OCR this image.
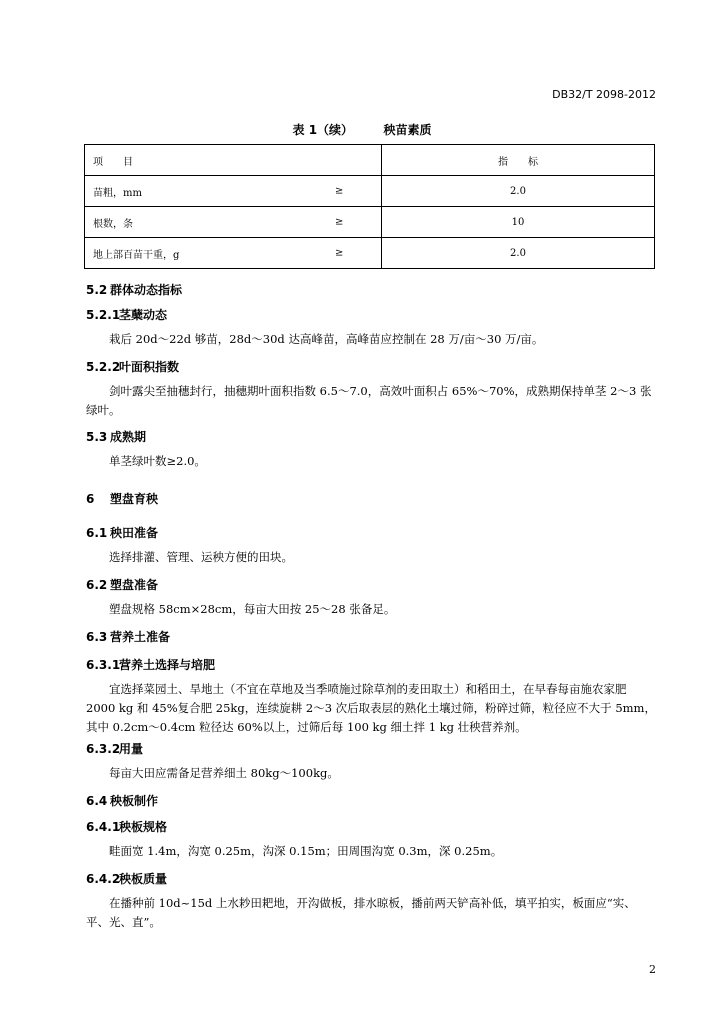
DB32/T 2098-2012
表 1（续）	秧苗素质
项　　目	指　　标
苗粗，mm ≥	2.0
根数，条 ≥	10
地上部百苗干重，g ≥	2.0
5.2 群体动态指标
5.2.1茎蘖动态
栽后 20d～22d 够苗，28d～30d 达高峰苗，高峰苗应控制在 28 万/亩～30 万/亩。
5.2.2叶面积指数
剑叶露尖至抽穗封行，抽穗期叶面积指数 6.5～7.0，高效叶面积占 65%～70%，成熟期保持单茎 2～3 张绿叶。
5.3 成熟期
单茎绿叶数≥2.0。
6 塑盘育秧
6.1 秧田准备
选择排灌、管理、运秧方便的田块。
6.2 塑盘准备
塑盘规格 58cm×28cm，每亩大田按 25～28 张备足。
6.3 营养土准备
6.3.1营养土选择与培肥
宜选择菜园土、旱地土（不宜在草地及当季喷施过除草剂的麦田取土）和稻田土，在早春每亩施农家肥 2000 kg 和 45%复合肥 25kg，连续旋耕 2～3 次后取表层的熟化土壤过筛，粉碎过筛，粒径应不大于 5mm，其中 0.2cm～0.4cm 粒径达 60%以上，过筛后每 100 kg 细土拌 1 kg 壮秧营养剂。
6.3.2用量
每亩大田应需备足营养细土 80kg～100kg。
6.4 秧板制作
6.4.1秧板规格
畦面宽 1.4m，沟宽 0.25m，沟深 0.15m；田周围沟宽 0.3m，深 0.25m。
6.4.2秧板质量
在播种前 10d~15d 上水耖田耙地，开沟做板，排水晾板，播前两天铲高补低，填平拍实，板面应“实、平、光、直”。
2
